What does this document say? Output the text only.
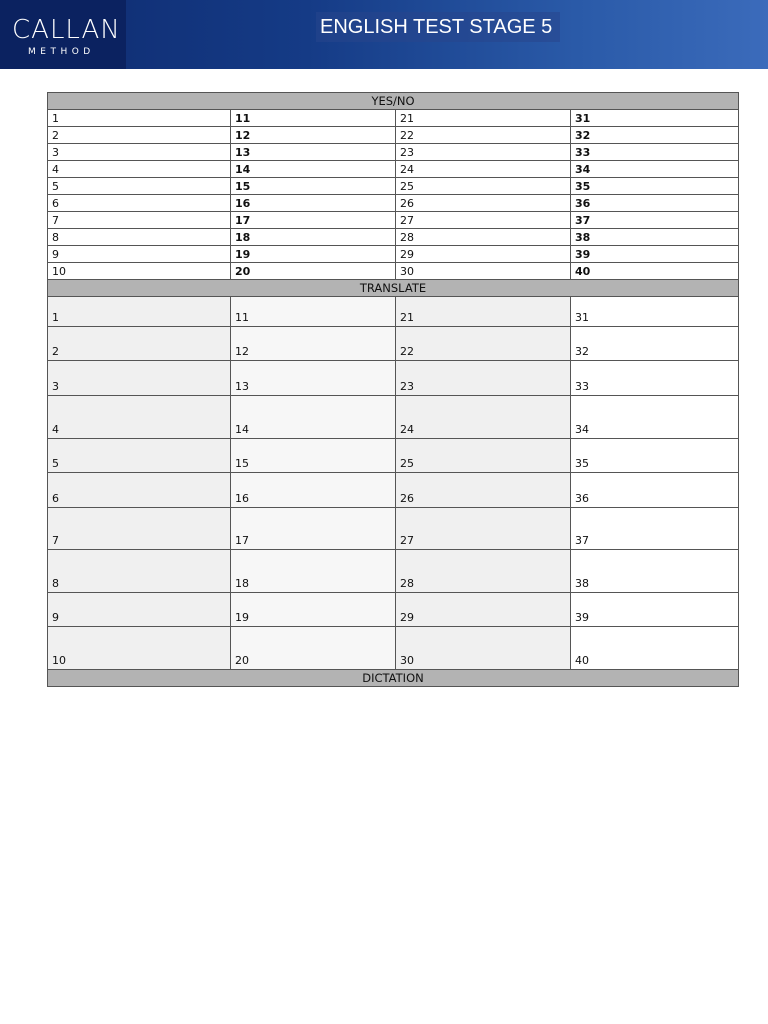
CALLAN
METHOD
ENGLISH TEST STAGE 5
YES/NO			
1	11	21	31
2	12	22	32
3	13	23	33
4	14	24	34
5	15	25	35
6	16	26	36
7	17	27	37
8	18	28	38
9	19	29	39
10	20	30	40
TRANSLATE			
1	11	21	31
2	12	22	32
3	13	23	33
4	14	24	34
5	15	25	35
6	16	26	36
7	17	27	37
8	18	28	38
9	19	29	39
10	20	30	40
DICTATION			
